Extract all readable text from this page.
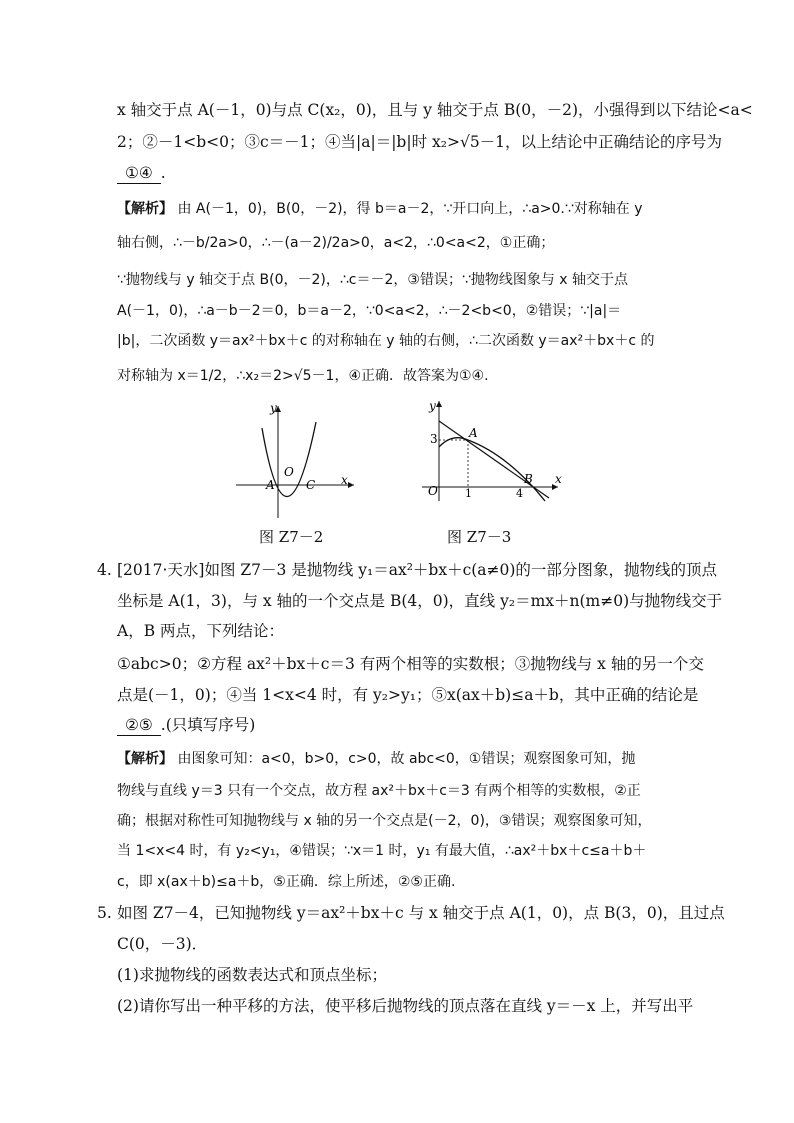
x 轴交于点 A(－1，0)与点 C(x₂，0)，且与 y 轴交于点 B(0，－2)，小强得到以下结论<a<
2；②－1<b<0；③c＝－1；④当|a|＝|b|时 x₂>√5－1，以上结论中正确结论的序号为
①④ .
【解析】 由 A(－1，0)，B(0，－2)，得 b＝a－2，∵开口向上，∴a>0.∵对称轴在 y
轴右侧，∴－b/2a>0，∴－(a－2)/2a>0，a<2，∴0<a<2，①正确；
∵抛物线与 y 轴交于点 B(0，－2)，∴c＝－2，③错误；∵抛物线图象与 x 轴交于点
A(－1，0)，∴a－b－2＝0，b＝a－2，∵0<a<2，∴－2<b<0，②错误；∵|a|＝
|b|，二次函数 y＝ax²＋bx＋c 的对称轴在 y 轴的右侧，∴二次函数 y＝ax²＋bx＋c 的
对称轴为 x＝1/2，∴x₂＝2>√5－1，④正确．故答案为①④.
y
x
O
A	C
图 Z7－2
y
x
O
3
1	4
A
B
图 Z7－3
4. [2017·天水]如图 Z7－3 是抛物线 y₁＝ax²＋bx＋c(a≠0)的一部分图象，抛物线的顶点
坐标是 A(1，3)，与 x 轴的一个交点是 B(4，0)，直线 y₂＝mx＋n(m≠0)与抛物线交于
A，B 两点，下列结论：
①abc>0；②方程 ax²＋bx＋c＝3 有两个相等的实数根；③抛物线与 x 轴的另一个交
点是(－1，0)；④当 1<x<4 时，有 y₂>y₁；⑤x(ax＋b)≤a＋b，其中正确的结论是
②⑤ .(只填写序号)
【解析】 由图象可知：a<0，b>0，c>0，故 abc<0，①错误；观察图象可知，抛
物线与直线 y＝3 只有一个交点，故方程 ax²＋bx＋c＝3 有两个相等的实数根，②正
确；根据对称性可知抛物线与 x 轴的另一个交点是(－2，0)，③错误；观察图象可知，
当 1<x<4 时，有 y₂<y₁，④错误；∵x＝1 时，y₁ 有最大值，∴ax²＋bx＋c≤a＋b＋
c，即 x(ax＋b)≤a＋b，⑤正确．综上所述，②⑤正确.
5. 如图 Z7－4，已知抛物线 y＝ax²＋bx＋c 与 x 轴交于点 A(1，0)，点 B(3，0)，且过点
C(0，－3)．
(1)求抛物线的函数表达式和顶点坐标；
(2)请你写出一种平移的方法，使平移后抛物线的顶点落在直线 y＝－x 上，并写出平
